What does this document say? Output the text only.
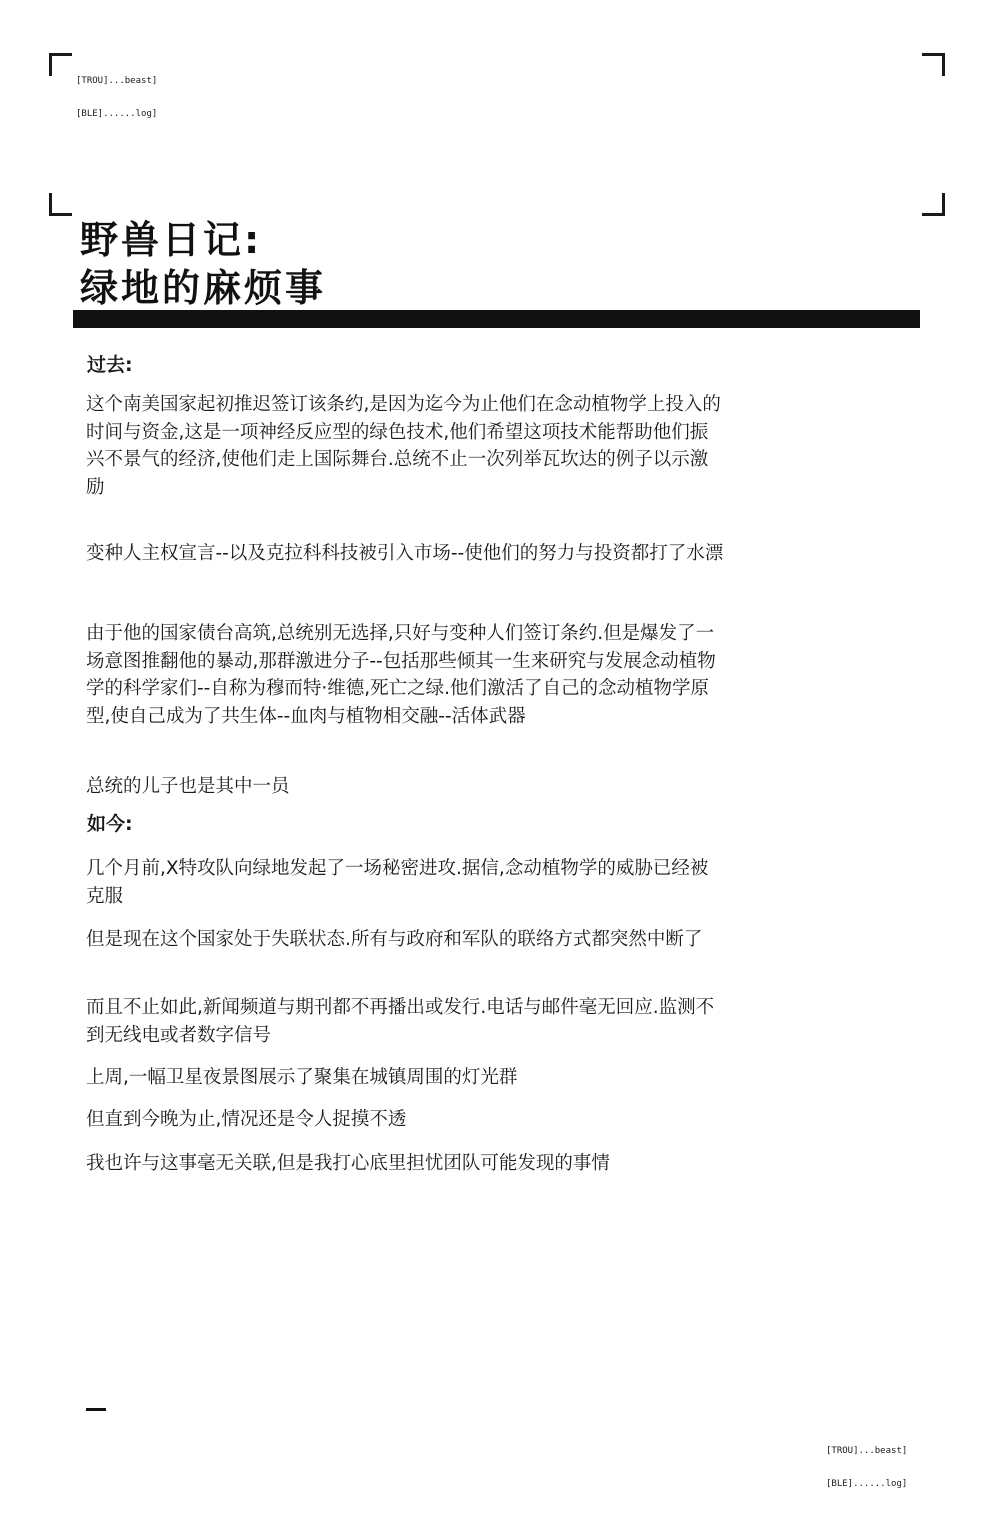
[TROU]...beast]

[BLE]......log]

野兽日记:
绿地的麻烦事
过去:

这个南美国家起初推迟签订该条约,是因为迄今为止他们在念动植物学上投入的时间与资金,这是一项神经反应型的绿色技术,他们希望这项技术能帮助他们振兴不景气的经济,使他们走上国际舞台.总统不止一次列举瓦坎达的例子以示激励

变种人主权宣言--以及克拉科科技被引入市场--使他们的努力与投资都打了水漂

由于他的国家债台高筑,总统别无选择,只好与变种人们签订条约.但是爆发了一场意图推翻他的暴动,那群激进分子--包括那些倾其一生来研究与发展念动植物学的科学家们--自称为穆而特·维德,死亡之绿.他们激活了自己的念动植物学原型,使自己成为了共生体--血肉与植物相交融--活体武器

总统的儿子也是其中一员

如今:

几个月前,X特攻队向绿地发起了一场秘密进攻.据信,念动植物学的威胁已经被克服

但是现在这个国家处于失联状态.所有与政府和军队的联络方式都突然中断了

而且不止如此,新闻频道与期刊都不再播出或发行.电话与邮件毫无回应.监测不到无线电或者数字信号

上周,一幅卫星夜景图展示了聚集在城镇周围的灯光群

但直到今晚为止,情况还是令人捉摸不透

我也许与这事毫无关联,但是我打心底里担忧团队可能发现的事情

[TROU]...beast]

[BLE]......log]
